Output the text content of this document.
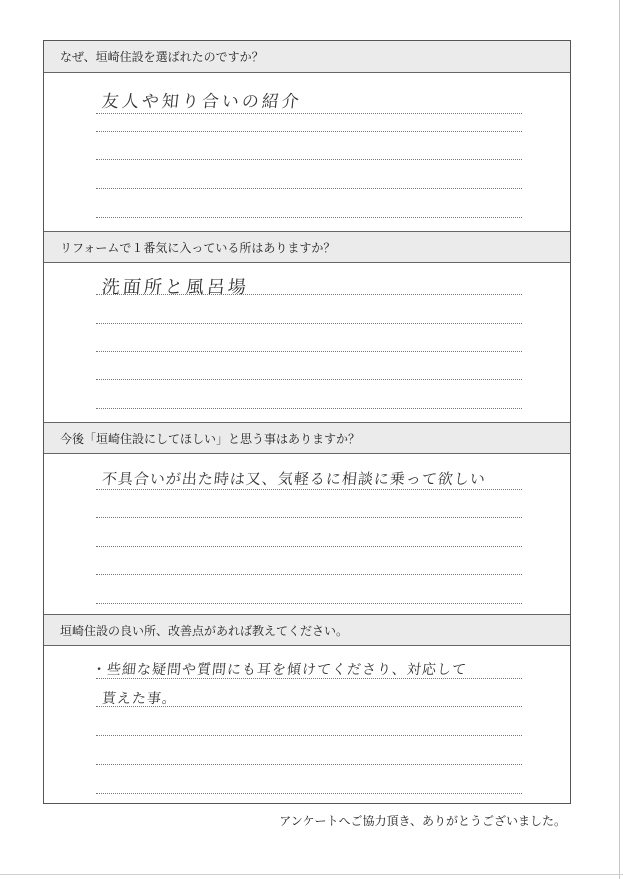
なぜ、垣崎住設を選ばれたのですか？
友人や知り合いの紹介
リフォームで１番気に入っている所はありますか？
洗面所と風呂場
今後「垣崎住設にしてほしい」と思う事はありますか？
不具合いが出た時は又、気軽るに相談に乗って欲しい
垣崎住設の良い所、改善点があれば教えてください。
・些細な疑問や質問にも耳を傾けてくださり、対応して
貰えた事。
アンケートへご協力頂き、ありがとうございました。
